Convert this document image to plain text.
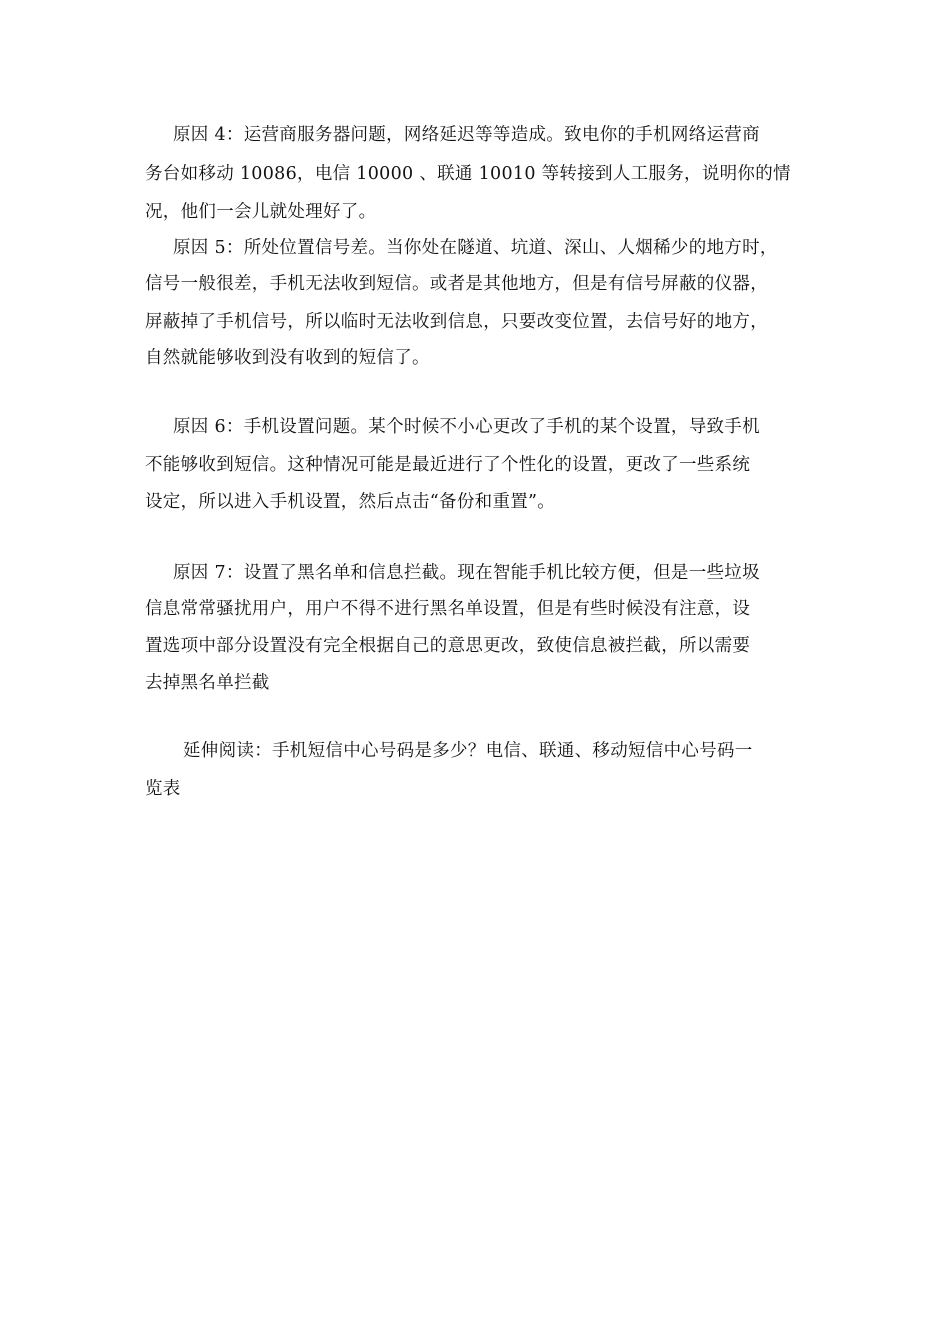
原因 4：运营商服务器问题，网络延迟等等造成。致电你的手机网络运营商
务台如移动 10086，电信 10000 、联通 10010 等转接到人工服务，说明你的情
况，他们一会儿就处理好了。
原因 5：所处位置信号差。当你处在隧道、坑道、深山、人烟稀少的地方时，
信号一般很差，手机无法收到短信。或者是其他地方，但是有信号屏蔽的仪器，
屏蔽掉了手机信号，所以临时无法收到信息，只要改变位置，去信号好的地方，
自然就能够收到没有收到的短信了。
原因 6：手机设置问题。某个时候不小心更改了手机的某个设置，导致手机
不能够收到短信。这种情况可能是最近进行了个性化的设置，更改了一些系统
设定，所以进入手机设置，然后点击“备份和重置”。
原因 7：设置了黑名单和信息拦截。现在智能手机比较方便，但是一些垃圾
信息常常骚扰用户，用户不得不进行黑名单设置，但是有些时候没有注意，设
置选项中部分设置没有完全根据自己的意思更改，致使信息被拦截，所以需要
去掉黑名单拦截
延伸阅读：手机短信中心号码是多少？电信、联通、移动短信中心号码一
览表
